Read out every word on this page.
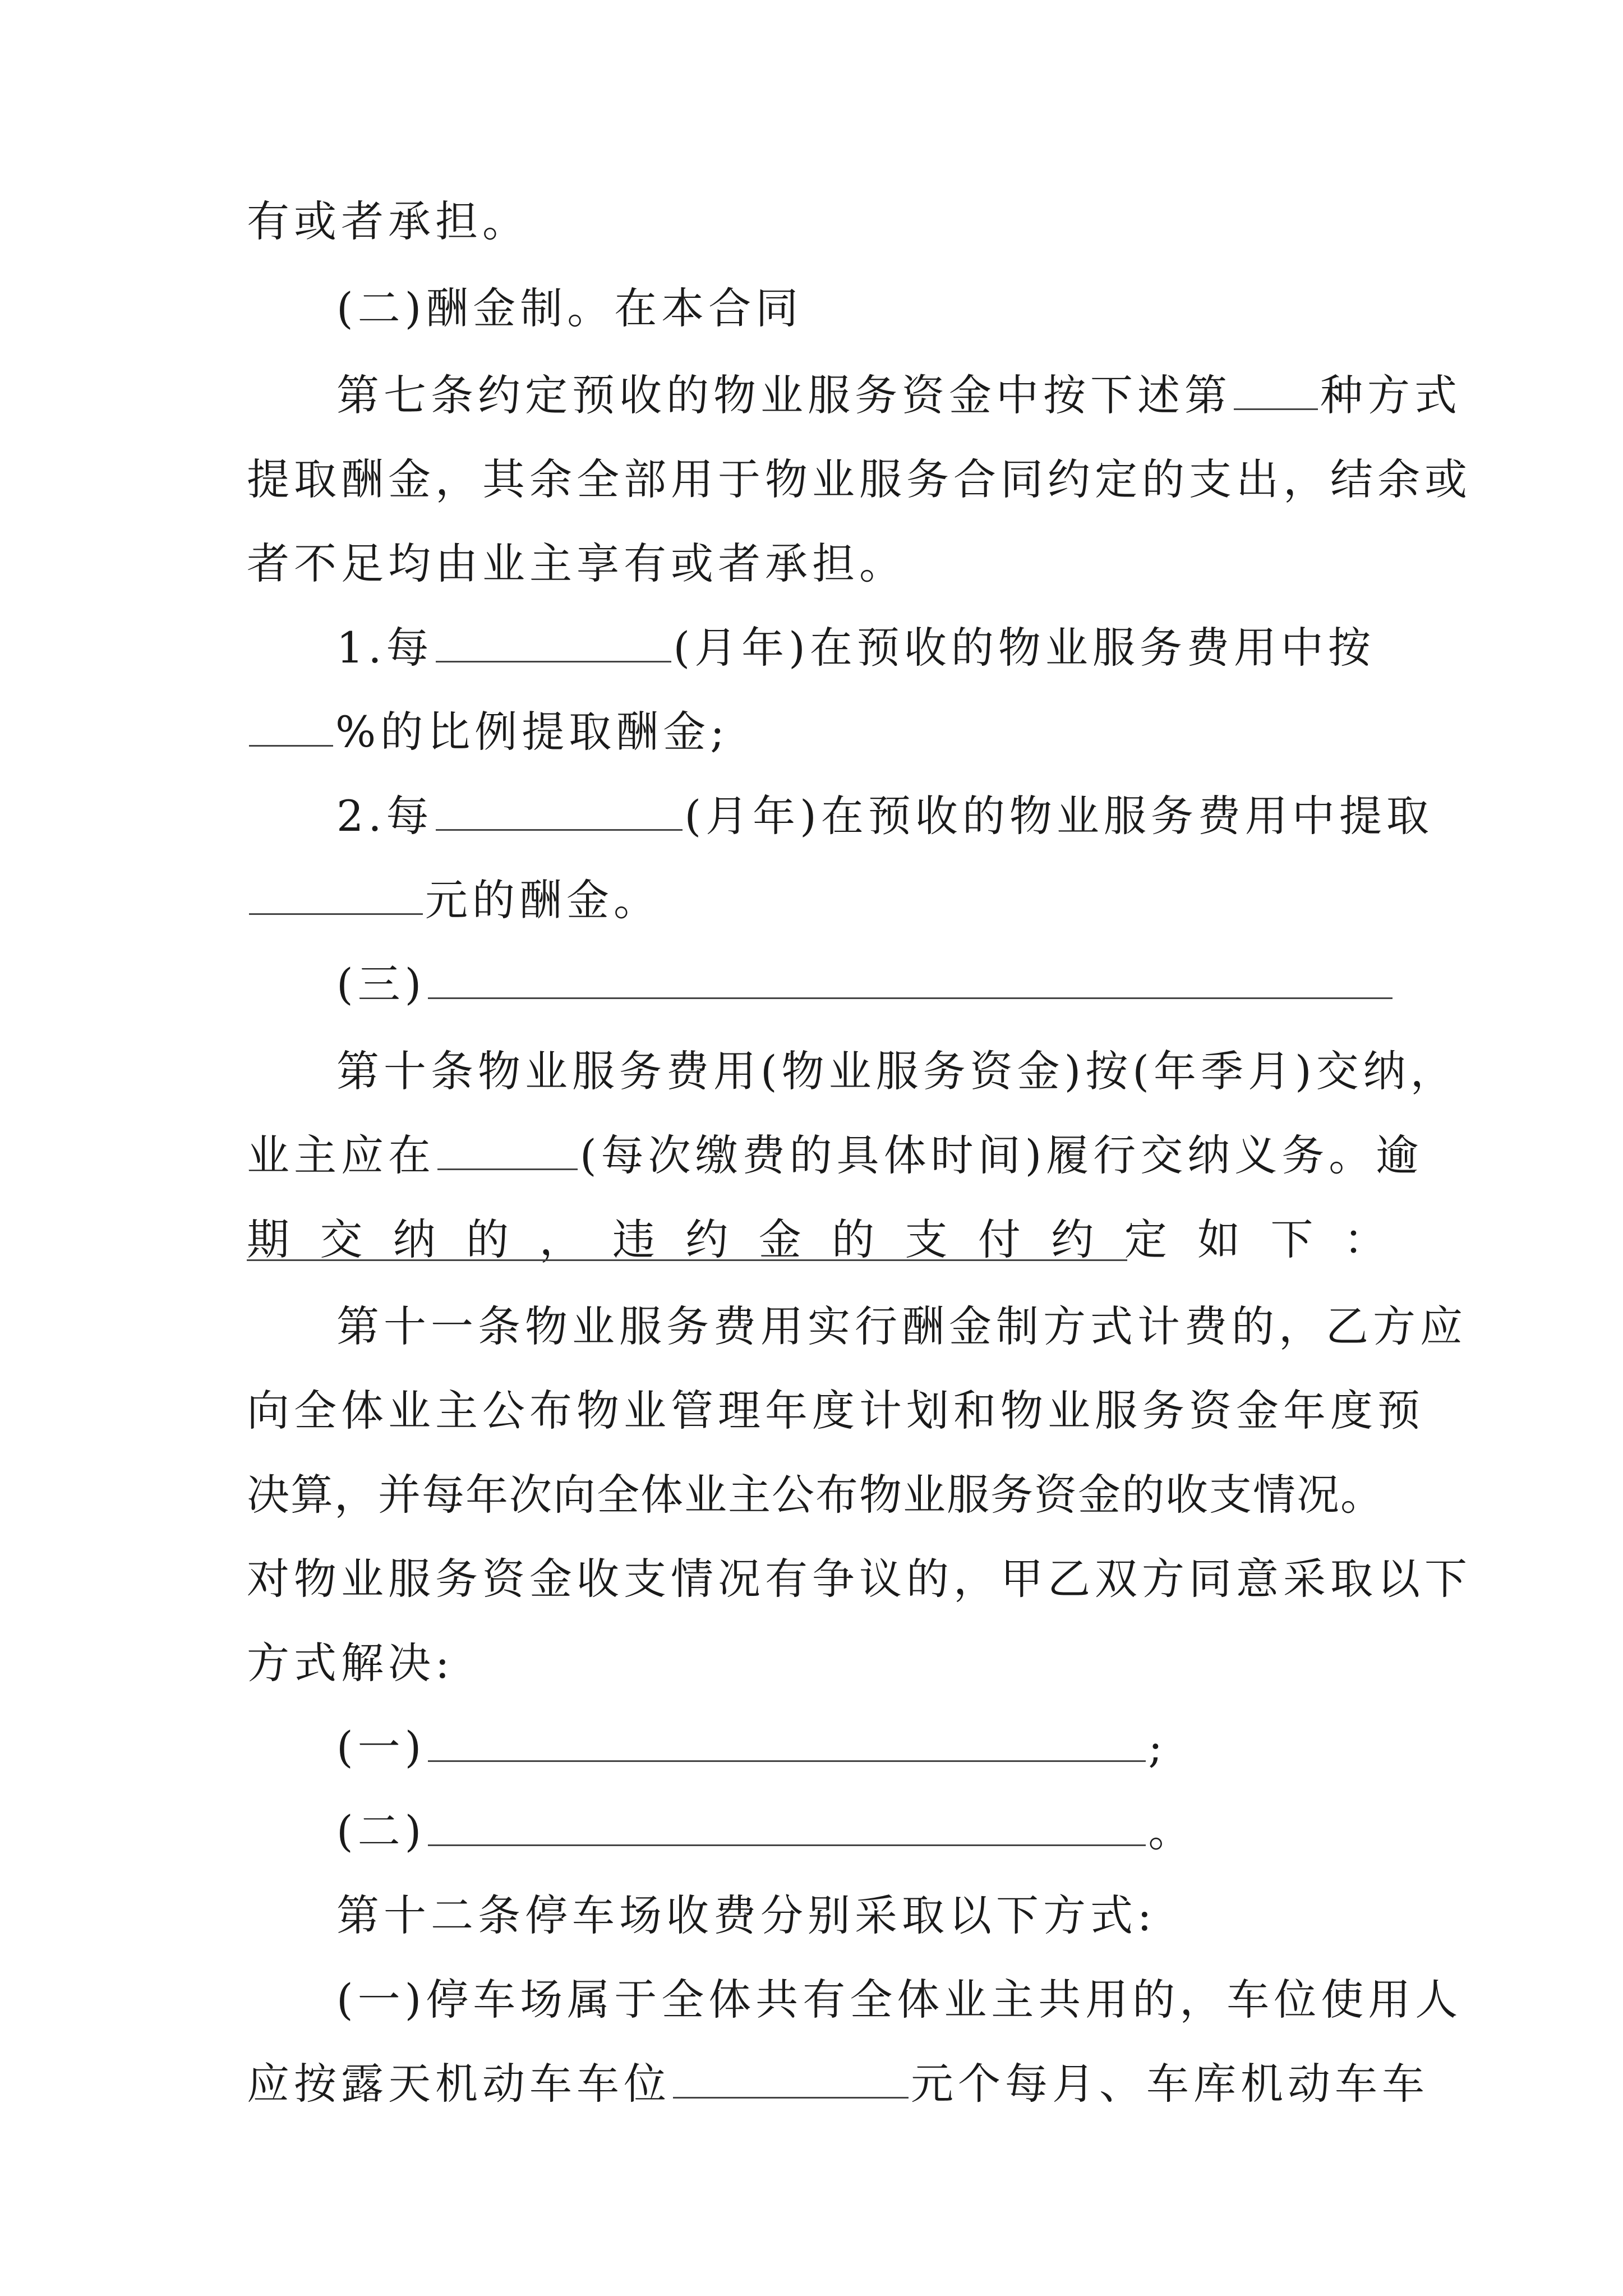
有或者承担。
(二)酬金制。在本合同
第七条约定预收的物业服务资金中按下述第 种方式
提取酬金，其余全部用于物业服务合同约定的支出，结余或
者不足均由业主享有或者承担。
1.每	(月年)在预收的物业服务费用中按
%的比例提取酬金;
2.每	(月年)在预收的物业服务费用中提取
元的酬金。
(三)
第十条物业服务费用(物业服务资金)按(年季月)交纳，
业主应在	(每次缴费的具体时间)履行交纳义务。逾
期 交 纳 的 ， 违 约 金 的 支 付 约 定 如 下 ：
第十一条物业服务费用实行酬金制方式计费的，乙方应
向全体业主公布物业管理年度计划和物业服务资金年度预
决算，并每年次向全体业主公布物业服务资金的收支情况。
对物业服务资金收支情况有争议的，甲乙双方同意采取以下
方式解决:
(一)	;
(二)	。
第十二条停车场收费分别采取以下方式:
(一)停车场属于全体共有全体业主共用的，车位使用人
应按露天机动车车位	元个每月、车库机动车车
